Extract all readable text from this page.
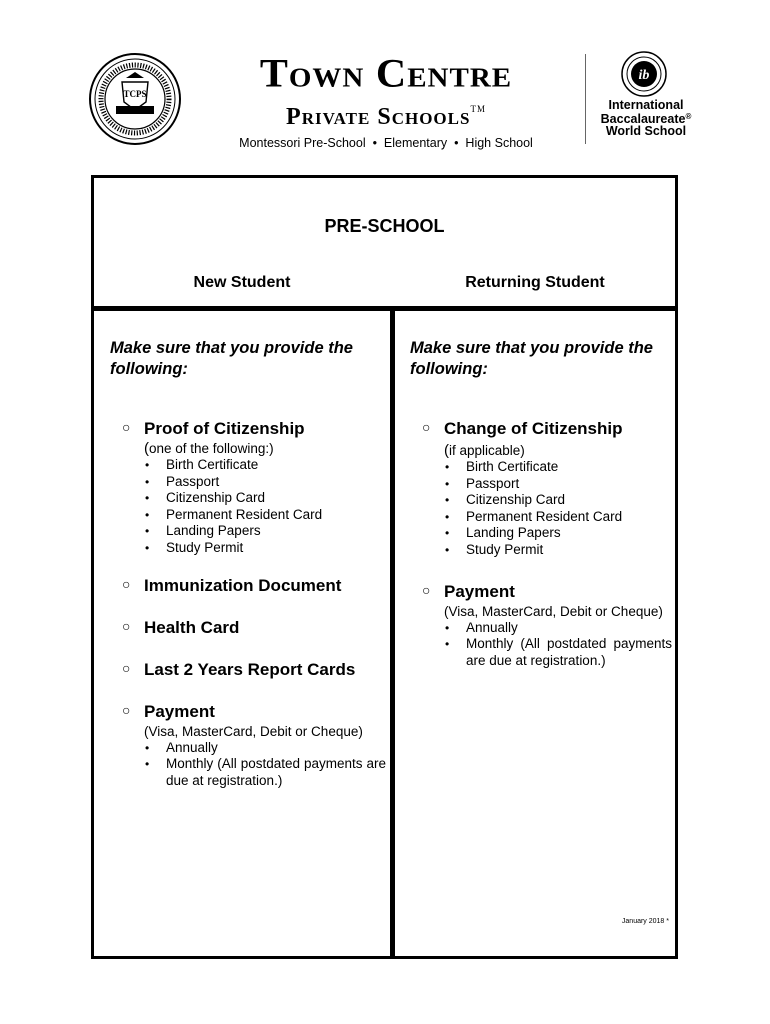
TCPS	Town Centre
Private Schools™
Montessori Pre-School  •  Elementary  •  High School
ib
International
Baccalaureate®
World School
PRE-SCHOOL
New Student	Returning Student
Make sure that you provide the following:
○ Proof of Citizenship
(one of the following:)
• Birth Certificate
• Passport
• Citizenship Card
• Permanent Resident Card
• Landing Papers
• Study Permit
○ Immunization Document
○ Health Card
○ Last 2 Years Report Cards
○ Payment
(Visa, MasterCard, Debit or Cheque)
• Annually
• Monthly (All postdated payments are due at registration.)
Make sure that you provide the following:
○ Change of Citizenship
(if applicable)
• Birth Certificate
• Passport
• Citizenship Card
• Permanent Resident Card
• Landing Papers
• Study Permit
○ Payment
(Visa, MasterCard, Debit or Cheque)
• Annually
• Monthly (All postdated payments are due at registration.)
January 2018 *
